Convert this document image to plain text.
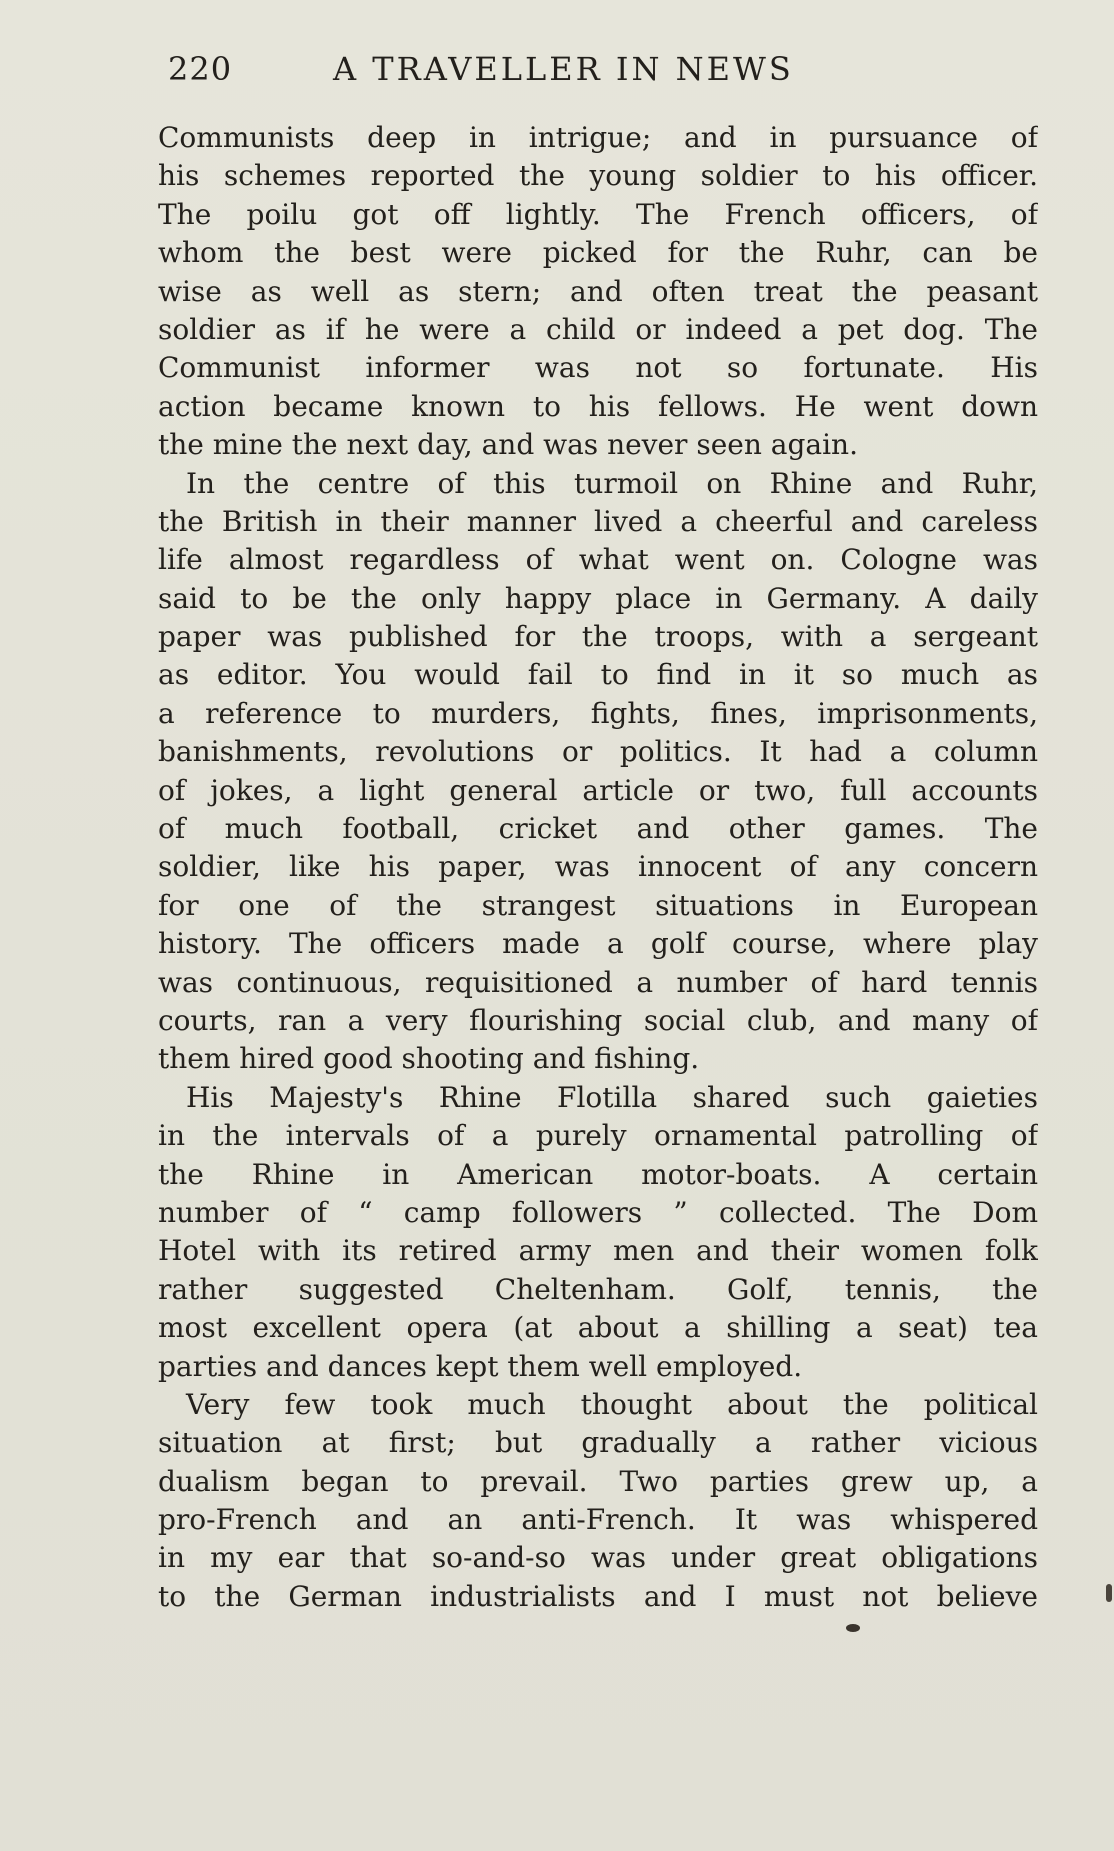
220	A TRAVELLER IN NEWS
Communists deep in intrigue; and in pursuance of
his schemes reported the young soldier to his officer.
The poilu got off lightly. The French officers, of
whom the best were picked for the Ruhr, can be
wise as well as stern; and often treat the peasant
soldier as if he were a child or indeed a pet dog. The
Communist informer was not so fortunate. His
action became known to his fellows. He went down
the mine the next day, and was never seen again.
In the centre of this turmoil on Rhine and Ruhr,
the British in their manner lived a cheerful and careless
life almost regardless of what went on. Cologne was
said to be the only happy place in Germany. A daily
paper was published for the troops, with a sergeant
as editor. You would fail to find in it so much as
a reference to murders, fights, fines, imprisonments,
banishments, revolutions or politics. It had a column
of jokes, a light general article or two, full accounts
of much football, cricket and other games. The
soldier, like his paper, was innocent of any concern
for one of the strangest situations in European
history. The officers made a golf course, where play
was continuous, requisitioned a number of hard tennis
courts, ran a very flourishing social club, and many of
them hired good shooting and fishing.
His Majesty's Rhine Flotilla shared such gaieties
in the intervals of a purely ornamental patrolling of
the Rhine in American motor-boats. A certain
number of “ camp followers ” collected. The Dom
Hotel with its retired army men and their women folk
rather suggested Cheltenham. Golf, tennis, the
most excellent opera (at about a shilling a seat) tea
parties and dances kept them well employed.
Very few took much thought about the political
situation at first; but gradually a rather vicious
dualism began to prevail. Two parties grew up, a
pro-French and an anti-French. It was whispered
in my ear that so-and-so was under great obligations
to the German industrialists and I must not believe
